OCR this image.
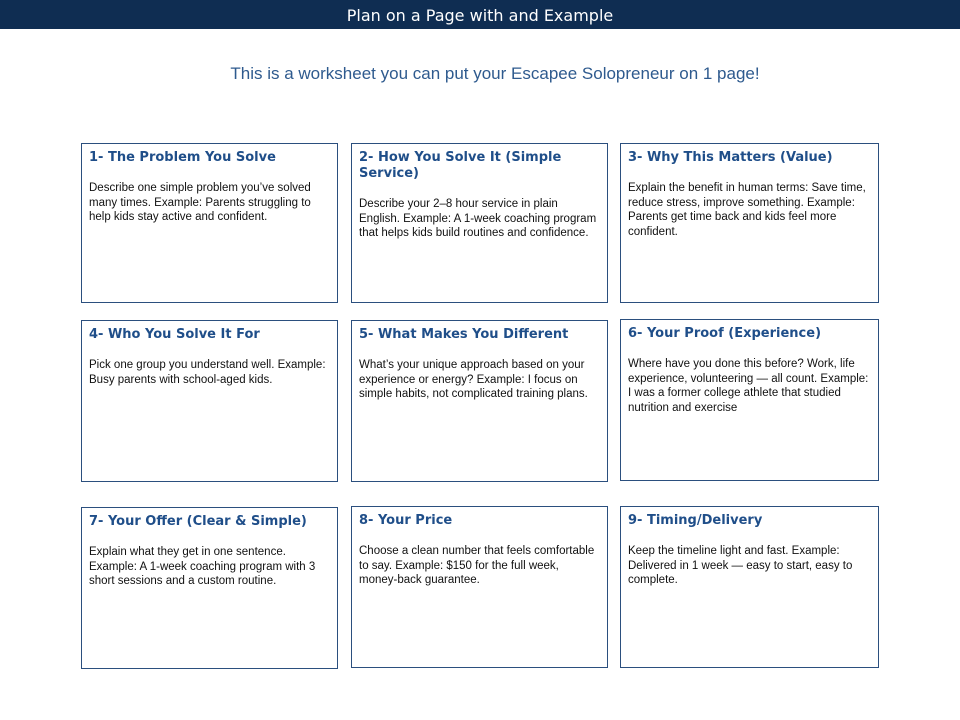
Plan on a Page with and Example
This is a worksheet you can put your Escapee Solopreneur on 1 page!
1- The Problem You Solve

Describe one simple problem you’ve solved many times. Example: Parents struggling to help kids stay active and confident.

2- How You Solve It (Simple Service)

Describe your 2–8 hour service in plain English. Example: A 1-week coaching program that helps kids build routines and confidence.

3- Why This Matters (Value)

Explain the benefit in human terms: Save time, reduce stress, improve something. Example: Parents get time back and kids feel more confident.

4- Who You Solve It For

Pick one group you understand well. Example: Busy parents with school-aged kids.

5- What Makes You Different

What’s your unique approach based on your experience or energy? Example: I focus on simple habits, not complicated training plans.

6- Your Proof (Experience)

Where have you done this before? Work, life experience, volunteering — all count. Example: I was a former college athlete that studied nutrition and exercise

7- Your Offer (Clear & Simple)

Explain what they get in one sentence. Example: A 1-week coaching program with 3 short sessions and a custom routine.

8- Your Price

Choose a clean number that feels comfortable to say. Example: $150 for the full week, money-back guarantee.

9- Timing/Delivery

Keep the timeline light and fast. Example: Delivered in 1 week — easy to start, easy to complete.
